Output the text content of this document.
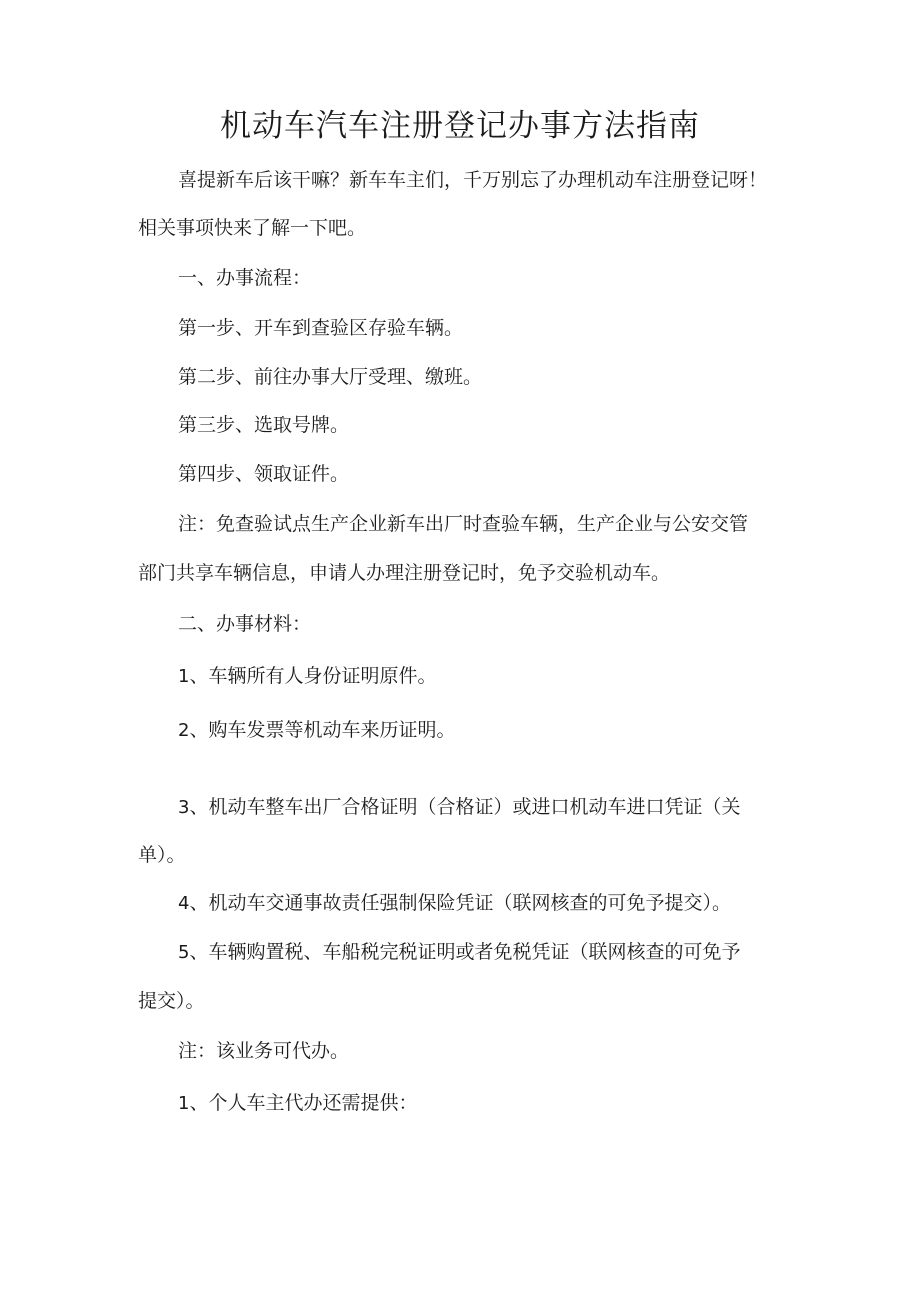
机动车汽车注册登记办事方法指南

喜提新车后该干嘛？新车车主们，千万别忘了办理机动车注册登记呀！

相关事项快来了解一下吧。

一、办事流程：

第一步、开车到查验区存验车辆。

第二步、前往办事大厅受理、缴班。

第三步、选取号牌。

第四步、领取证件。

注：免查验试点生产企业新车出厂时查验车辆，生产企业与公安交管

部门共享车辆信息，申请人办理注册登记时，免予交验机动车。

二、办事材料：

1、车辆所有人身份证明原件。

2、购车发票等机动车来历证明。

3、机动车整车出厂合格证明（合格证）或进口机动车进口凭证（关

单）。

4、机动车交通事故责任强制保险凭证（联网核查的可免予提交）。

5、车辆购置税、车船税完税证明或者免税凭证（联网核查的可免予

提交）。

注：该业务可代办。

1、个人车主代办还需提供：
